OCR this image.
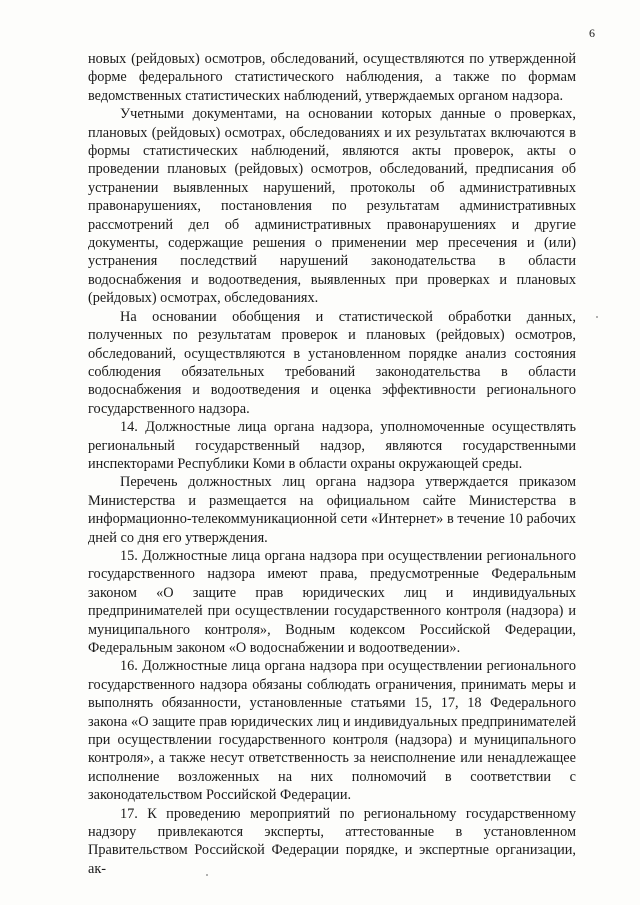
6

новых (рейдовых) осмотров, обследований, осуществляются по утвержденной форме федерального статистического наблюдения, а также по формам ведомственных статистических наблюдений, утверждаемых органом надзора.

Учетными документами, на основании которых данные о проверках, плановых (рейдовых) осмотрах, обследованиях и их результатах включаются в формы статистических наблюдений, являются акты проверок, акты о проведении плановых (рейдовых) осмотров, обследований, предписания об устранении выявленных нарушений, протоколы об административных правонарушениях, постановления по результатам административных рассмотрений дел об административных правонарушениях и другие документы, содержащие решения о применении мер пресечения и (или) устранения последствий нарушений законодательства в области водоснабжения и водоотведения, выявленных при проверках и плановых (рейдовых) осмотрах, обследованиях.

На основании обобщения и статистической обработки данных, полученных по результатам проверок и плановых (рейдовых) осмотров, обследований, осуществляются в установленном порядке анализ состояния соблюдения обязательных требований законодательства в области водоснабжения и водоотведения и оценка эффективности регионального государственного надзора.

14. Должностные лица органа надзора, уполномоченные осуществлять региональный государственный надзор, являются государственными инспекторами Республики Коми в области охраны окружающей среды.

Перечень должностных лиц органа надзора утверждается приказом Министерства и размещается на официальном сайте Министерства в информационно-телекоммуникационной сети «Интернет» в течение 10 рабочих дней со дня его утверждения.

15. Должностные лица органа надзора при осуществлении регионального государственного надзора имеют права, предусмотренные Федеральным законом «О защите прав юридических лиц и индивидуальных предпринимателей при осуществлении государственного контроля (надзора) и муниципального контроля», Водным кодексом Российской Федерации, Федеральным законом «О водоснабжении и водоотведении».

16. Должностные лица органа надзора при осуществлении регионального государственного надзора обязаны соблюдать ограничения, принимать меры и выполнять обязанности, установленные статьями 15, 17, 18 Федерального закона «О защите прав юридических лиц и индивидуальных предпринимателей при осуществлении государственного контроля (надзора) и муниципального контроля», а также несут ответственность за неисполнение или ненадлежащее исполнение возложенных на них полномочий в соответствии с законодательством Российской Федерации.

17. К проведению мероприятий по региональному государственному надзору привлекаются эксперты, аттестованные в установленном Правительством Российской Федерации порядке, и экспертные организации, ак-
